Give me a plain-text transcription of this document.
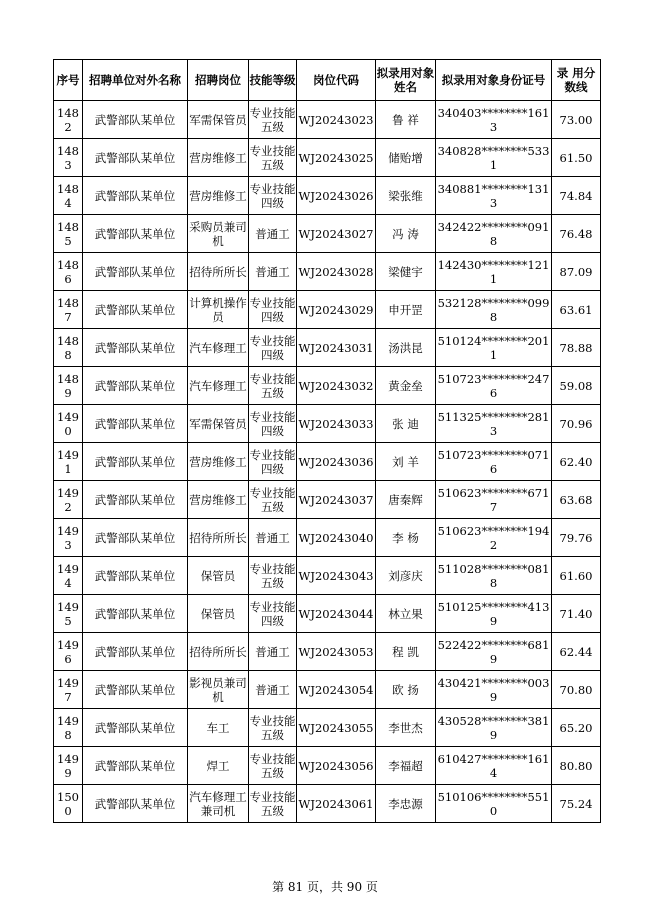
序号	招聘单位对外名称	招聘岗位	技能等级	岗位代码	拟录用对象姓名	拟录用对象身份证号	录 用分数线
1482	武警部队某单位	军需保管员	专业技能五级	WJ20243023	鲁 祥	340403********1613	73.00
1483	武警部队某单位	营房维修工	专业技能五级	WJ20243025	储贻增	340828********5331	61.50
1484	武警部队某单位	营房维修工	专业技能四级	WJ20243026	梁张维	340881********1313	74.84
1485	武警部队某单位	采购员兼司机	普通工	WJ20243027	冯 涛	342422********0918	76.48
1486	武警部队某单位	招待所所长	普通工	WJ20243028	梁健宇	142430********1211	87.09
1487	武警部队某单位	计算机操作员	专业技能四级	WJ20243029	申开罡	532128********0998	63.61
1488	武警部队某单位	汽车修理工	专业技能四级	WJ20243031	汤洪昆	510124********2011	78.88
1489	武警部队某单位	汽车修理工	专业技能五级	WJ20243032	黄金垒	510723********2476	59.08
1490	武警部队某单位	军需保管员	专业技能四级	WJ20243033	张 迪	511325********2813	70.96
1491	武警部队某单位	营房维修工	专业技能四级	WJ20243036	刘 羊	510723********0716	62.40
1492	武警部队某单位	营房维修工	专业技能五级	WJ20243037	唐秦辉	510623********6717	63.68
1493	武警部队某单位	招待所所长	普通工	WJ20243040	李 杨	510623********1942	79.76
1494	武警部队某单位	保管员	专业技能五级	WJ20243043	刘彦庆	511028********0818	61.60
1495	武警部队某单位	保管员	专业技能四级	WJ20243044	林立果	510125********4139	71.40
1496	武警部队某单位	招待所所长	普通工	WJ20243053	程 凯	522422********6819	62.44
1497	武警部队某单位	影视员兼司机	普通工	WJ20243054	欧 扬	430421********0039	70.80
1498	武警部队某单位	车工	专业技能五级	WJ20243055	李世杰	430528********3819	65.20
1499	武警部队某单位	焊工	专业技能五级	WJ20243056	李福超	610427********1614	80.80
1500	武警部队某单位	汽车修理工兼司机	专业技能五级	WJ20243061	李忠源	510106********5510	75.24
第 81 页，共 90 页
